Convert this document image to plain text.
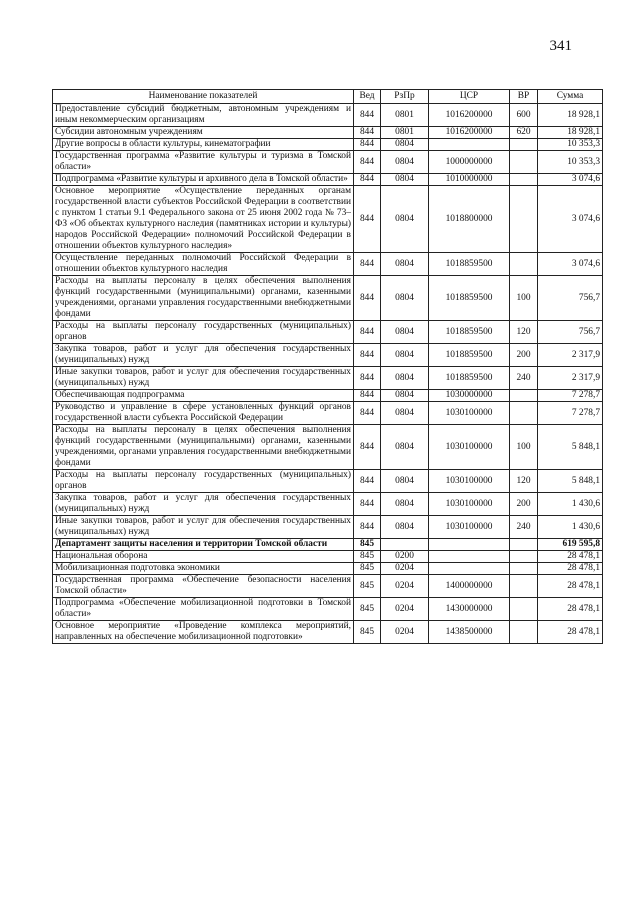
341
Наименование показателей	Вед	РзПр	ЦСР	ВР	Сумма
Предоставление субсидий бюджетным, автономным учреждениям и иным некоммерческим организациям	844	0801	1016200000	600	18 928,1
Субсидии автономным учреждениям	844	0801	1016200000	620	18 928,1
Другие вопросы в области культуры, кинематографии	844	0804			10 353,3
Государственная программа «Развитие культуры и туризма в Томской области»	844	0804	1000000000		10 353,3
Подпрограмма «Развитие культуры и архивного дела в Томской области»	844	0804	1010000000		3 074,6
Основное мероприятие «Осуществление переданных органам государственной власти субъектов Российской Федерации в соответствии с пунктом 1 статьи 9.1 Федерального закона от 25 июня 2002 года № 73–ФЗ «Об объектах культурного наследия (памятниках истории и культуры) народов Российской Федерации» полномочий Российской Федерации в отношении объектов культурного наследия»	844	0804	1018800000		3 074,6
Осуществление переданных полномочий Российской Федерации в отношении объектов культурного наследия	844	0804	1018859500		3 074,6
Расходы на выплаты персоналу в целях обеспечения выполнения функций государственными (муниципальными) органами, казенными учреждениями, органами управления государственными внебюджетными фондами	844	0804	1018859500	100	756,7
Расходы на выплаты персоналу государственных (муниципальных) органов	844	0804	1018859500	120	756,7
Закупка товаров, работ и услуг для обеспечения государственных (муниципальных) нужд	844	0804	1018859500	200	2 317,9
Иные закупки товаров, работ и услуг для обеспечения государственных (муниципальных) нужд	844	0804	1018859500	240	2 317,9
Обеспечивающая подпрограмма	844	0804	1030000000		7 278,7
Руководство и управление в сфере установленных функций органов государственной власти субъекта Российской Федерации	844	0804	1030100000		7 278,7
Расходы на выплаты персоналу в целях обеспечения выполнения функций государственными (муниципальными) органами, казенными учреждениями, органами управления государственными внебюджетными фондами	844	0804	1030100000	100	5 848,1
Расходы на выплаты персоналу государственных (муниципальных) органов	844	0804	1030100000	120	5 848,1
Закупка товаров, работ и услуг для обеспечения государственных (муниципальных) нужд	844	0804	1030100000	200	1 430,6
Иные закупки товаров, работ и услуг для обеспечения государственных (муниципальных) нужд	844	0804	1030100000	240	1 430,6
Департамент защиты населения и территории Томской области	845				619 595,8
Национальная оборона	845	0200			28 478,1
Мобилизационная подготовка экономики	845	0204			28 478,1
Государственная программа «Обеспечение безопасности населения Томской области»	845	0204	1400000000		28 478,1
Подпрограмма «Обеспечение мобилизационной подготовки в Томской области»	845	0204	1430000000		28 478,1
Основное мероприятие «Проведение комплекса мероприятий, направленных на обеспечение мобилизационной подготовки»	845	0204	1438500000		28 478,1
